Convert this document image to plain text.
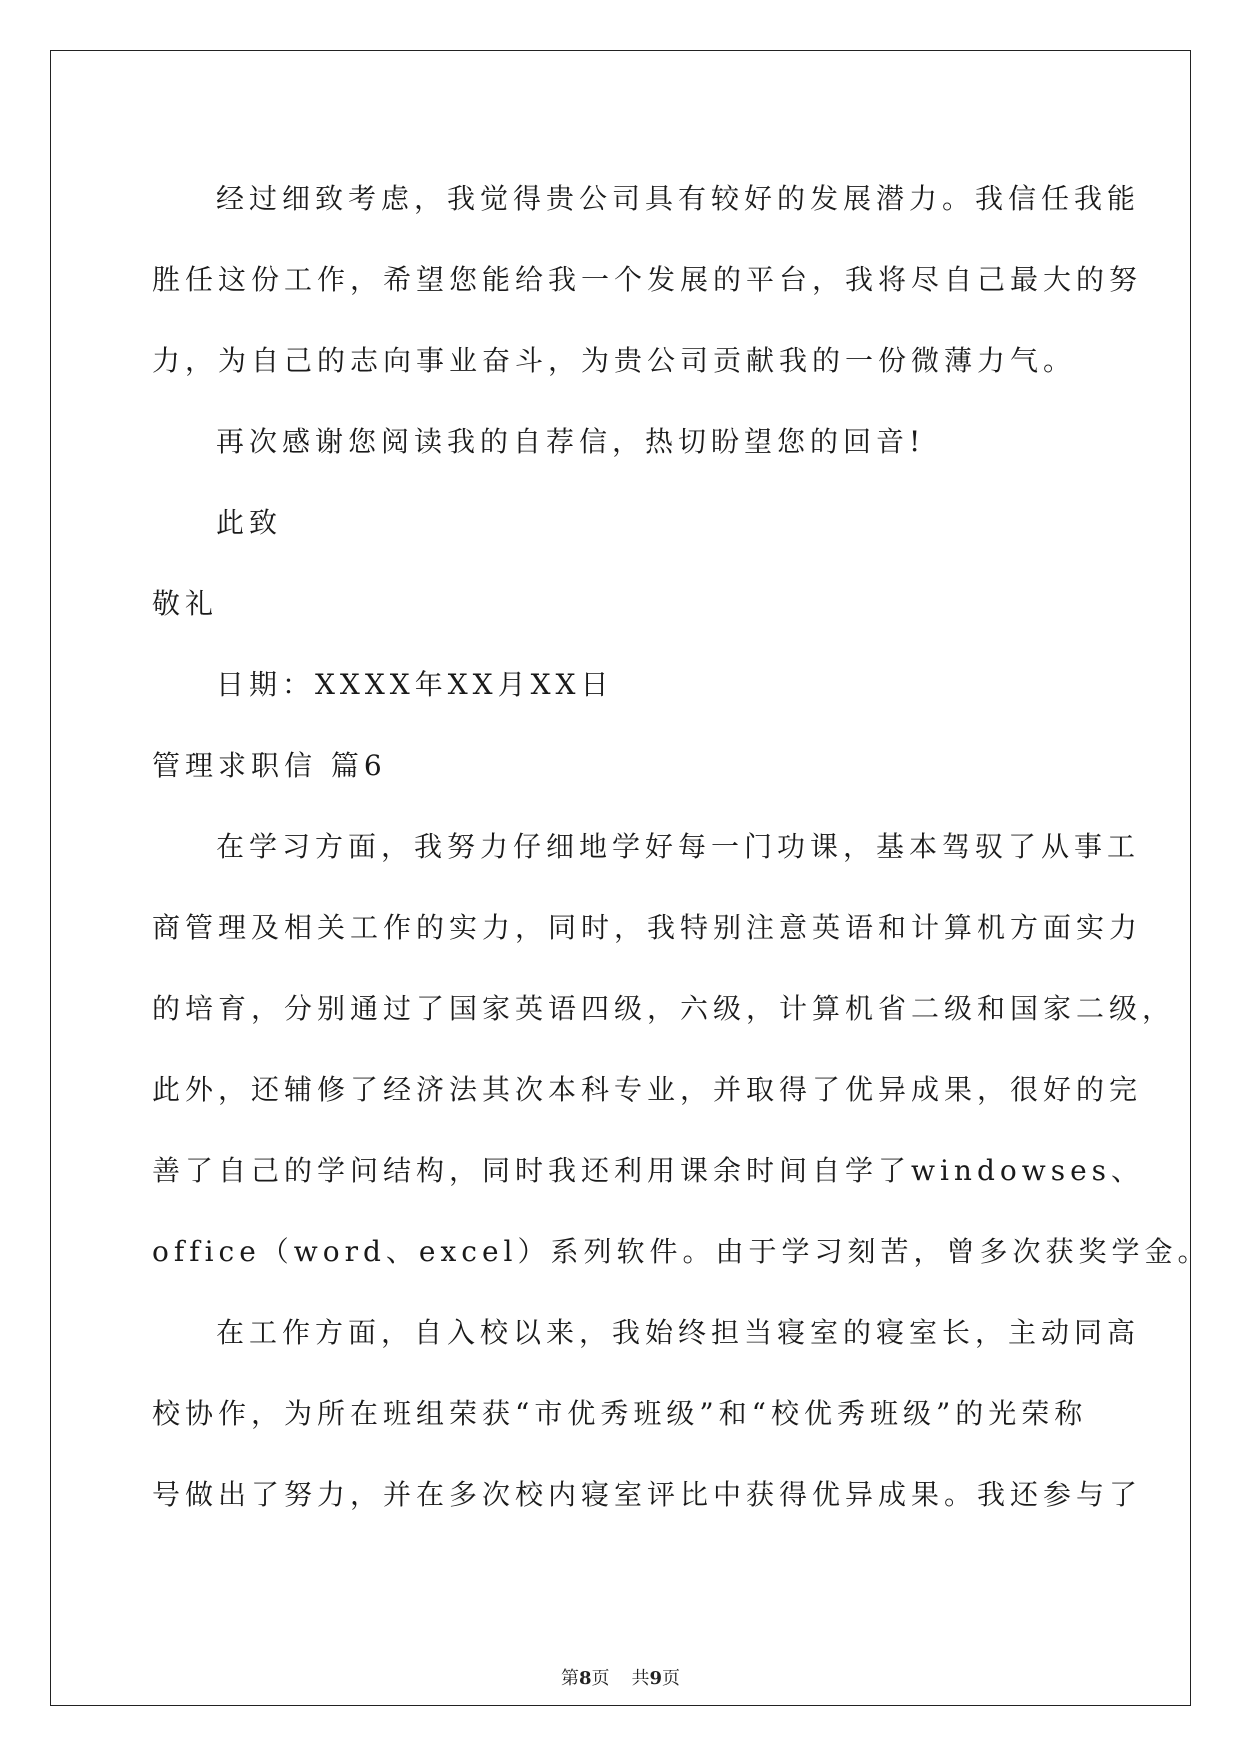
经过细致考虑，我觉得贵公司具有较好的发展潜力。我信任我能
胜任这份工作，希望您能给我一个发展的平台，我将尽自己最大的努
力，为自己的志向事业奋斗，为贵公司贡献我的一份微薄力气。
再次感谢您阅读我的自荐信，热切盼望您的回音!
此致
敬礼
日期：XXXX年XX月XX日
管理求职信 篇6
在学习方面，我努力仔细地学好每一门功课，基本驾驭了从事工
商管理及相关工作的实力，同时，我特别注意英语和计算机方面实力
的培育，分别通过了国家英语四级，六级，计算机省二级和国家二级，
此外，还辅修了经济法其次本科专业，并取得了优异成果，很好的完
善了自己的学问结构，同时我还利用课余时间自学了windowses、
office（word、excel）系列软件。由于学习刻苦，曾多次获奖学金。
在工作方面，自入校以来，我始终担当寝室的寝室长，主动同高
校协作，为所在班组荣获“市优秀班级”和“校优秀班级”的光荣称
号做出了努力，并在多次校内寝室评比中获得优异成果。我还参与了
第8页 共9页
